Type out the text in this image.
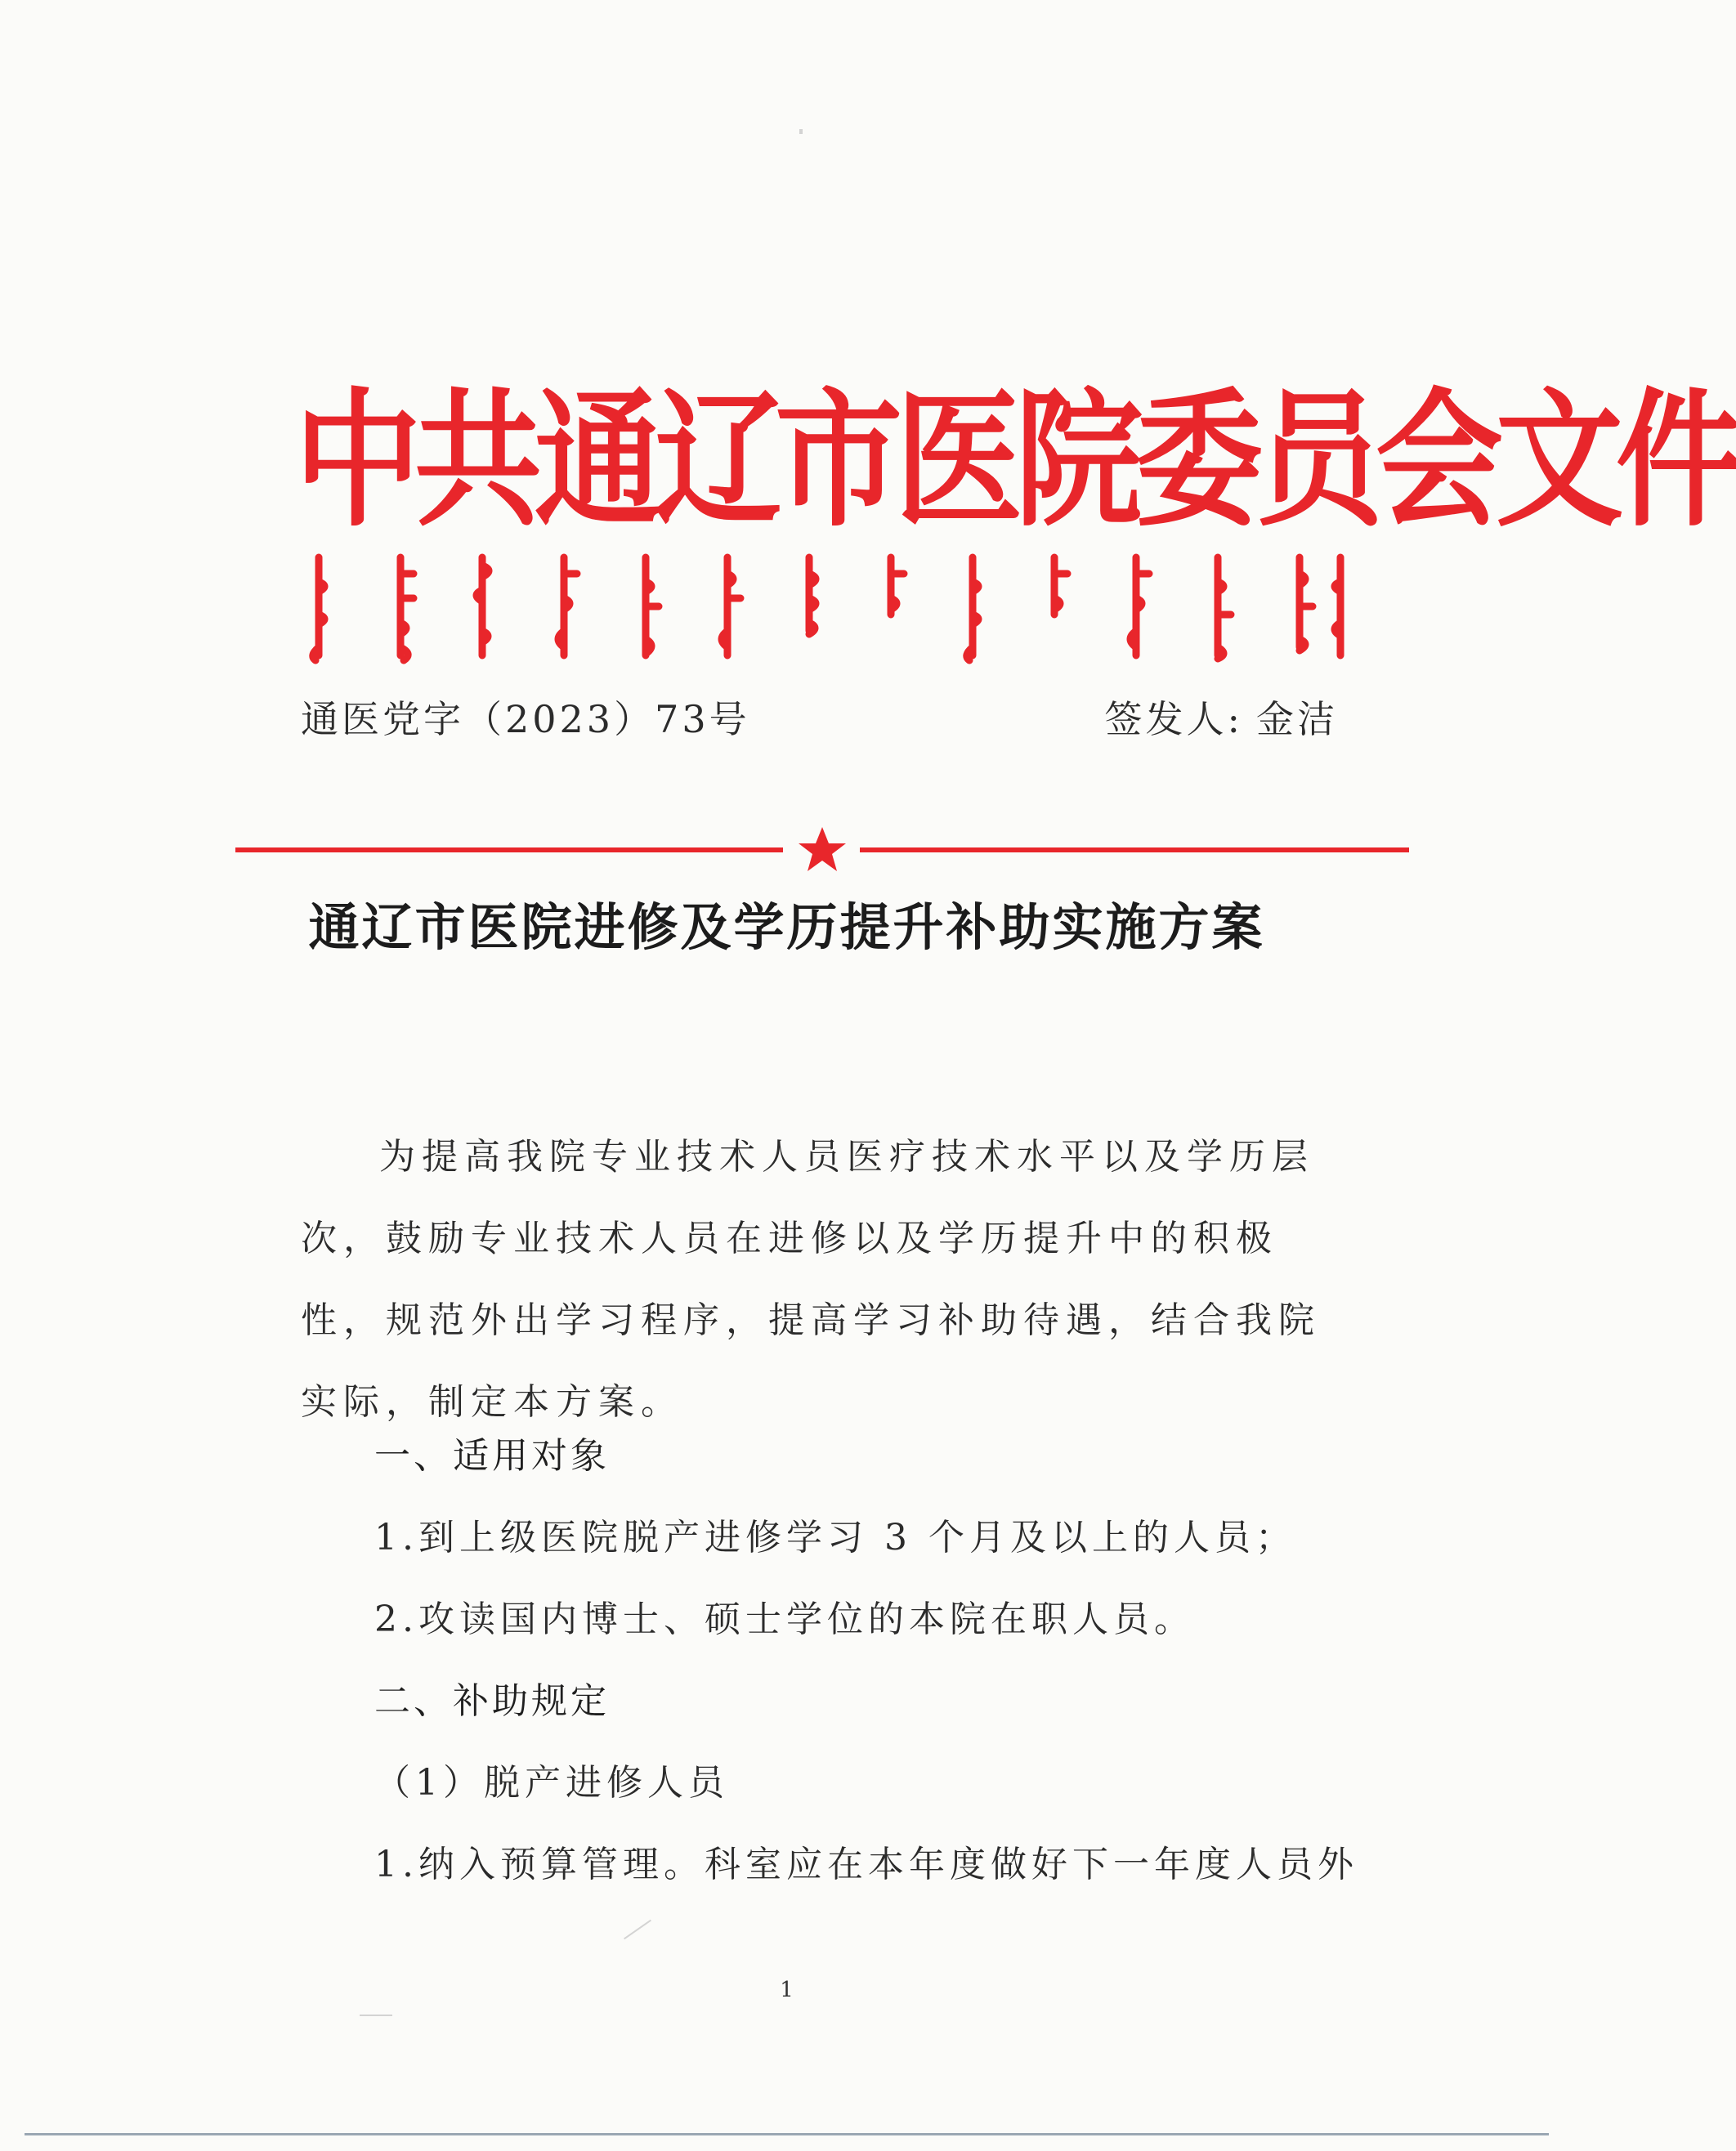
中共通辽市医院委员会文件
通医党字（2023）73号	签发人: 金洁
通辽市医院进修及学历提升补助实施方案

为提高我院专业技术人员医疗技术水平以及学历层次，鼓励专业技术人员在进修以及学历提升中的积极性，规范外出学习程序，提高学习补助待遇，结合我院实际，制定本方案。

一、适用对象
1.到上级医院脱产进修学习 3 个月及以上的人员；
2.攻读国内博士、硕士学位的本院在职人员。
二、补助规定
（1）脱产进修人员
1.纳入预算管理。科室应在本年度做好下一年度人员外
1
